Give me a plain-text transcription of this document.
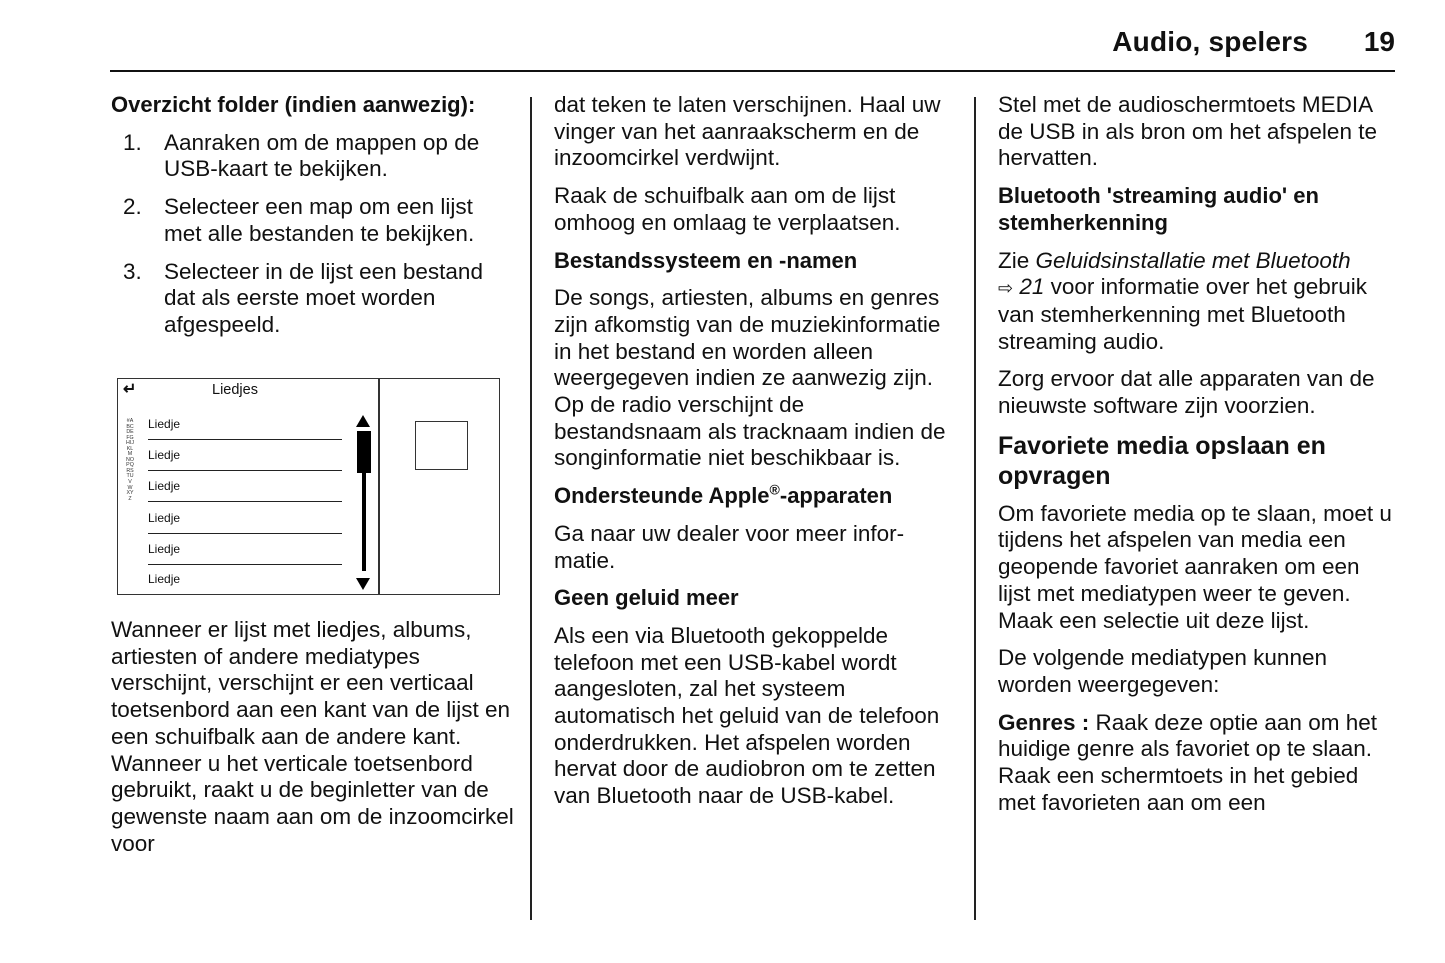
Audio, spelers 19
Overzicht folder (indien aanwezig):
1. Aanraken om de mappen op de USB-kaart te bekijken.
2. Selecteer een map om een lijst met alle bestanden te bekijken.
3. Selecteer in de lijst een bestand dat als eerste moet worden afgespeeld.
↵	Liedjes
#ABCDEFGHIJKLMNOPQRSTUVWXYZ
Liedje
Liedje
Liedje
Liedje
Liedje
Liedje

Wanneer er lijst met liedjes, albums, artiesten of andere mediatypes verschijnt, verschijnt er een verticaal toetsenbord aan een kant van de lijst en een schuifbalk aan de andere kant. Wanneer u het verticale toetsenbord gebruikt, raakt u de beginletter van de gewenste naam aan om de inzoomcirkel voor

dat teken te laten verschijnen. Haal uw vinger van het aanraakscherm en de inzoomcirkel verdwijnt.

Raak de schuifbalk aan om de lijst omhoog en omlaag te verplaatsen.

Bestandssysteem en -namen

De songs, artiesten, albums en genres zijn afkomstig van de muziekinformatie in het bestand en worden alleen weergegeven indien ze aanwezig zijn. Op de radio verschijnt de bestandsnaam als tracknaam indien de songinformatie niet beschikbaar is.

Ondersteunde Apple®-apparaten

Ga naar uw dealer voor meer informatie.

Geen geluid meer

Als een via Bluetooth gekoppelde telefoon met een USB-kabel wordt aangesloten, zal het systeem automatisch het geluid van de telefoon onderdrukken. Het afspelen worden hervat door de audiobron om te zetten van Bluetooth naar de USB-kabel.

Stel met de audioschermtoets MEDIA de USB in als bron om het afspelen te hervatten.

Bluetooth 'streaming audio' en stemherkenning

Zie Geluidsinstallatie met Bluetooth
⇨ 21 voor informatie over het gebruik van stemherkenning met Bluetooth streaming audio.

Zorg ervoor dat alle apparaten van de nieuwste software zijn voorzien.

Favoriete media opslaan en opvragen

Om favoriete media op te slaan, moet u tijdens het afspelen van media een geopende favoriet aanraken om een lijst met mediatypen weer te geven. Maak een selectie uit deze lijst.

De volgende mediatypen kunnen worden weergegeven:

Genres : Raak deze optie aan om het huidige genre als favoriet op te slaan. Raak een schermtoets in het gebied met favorieten aan om een
